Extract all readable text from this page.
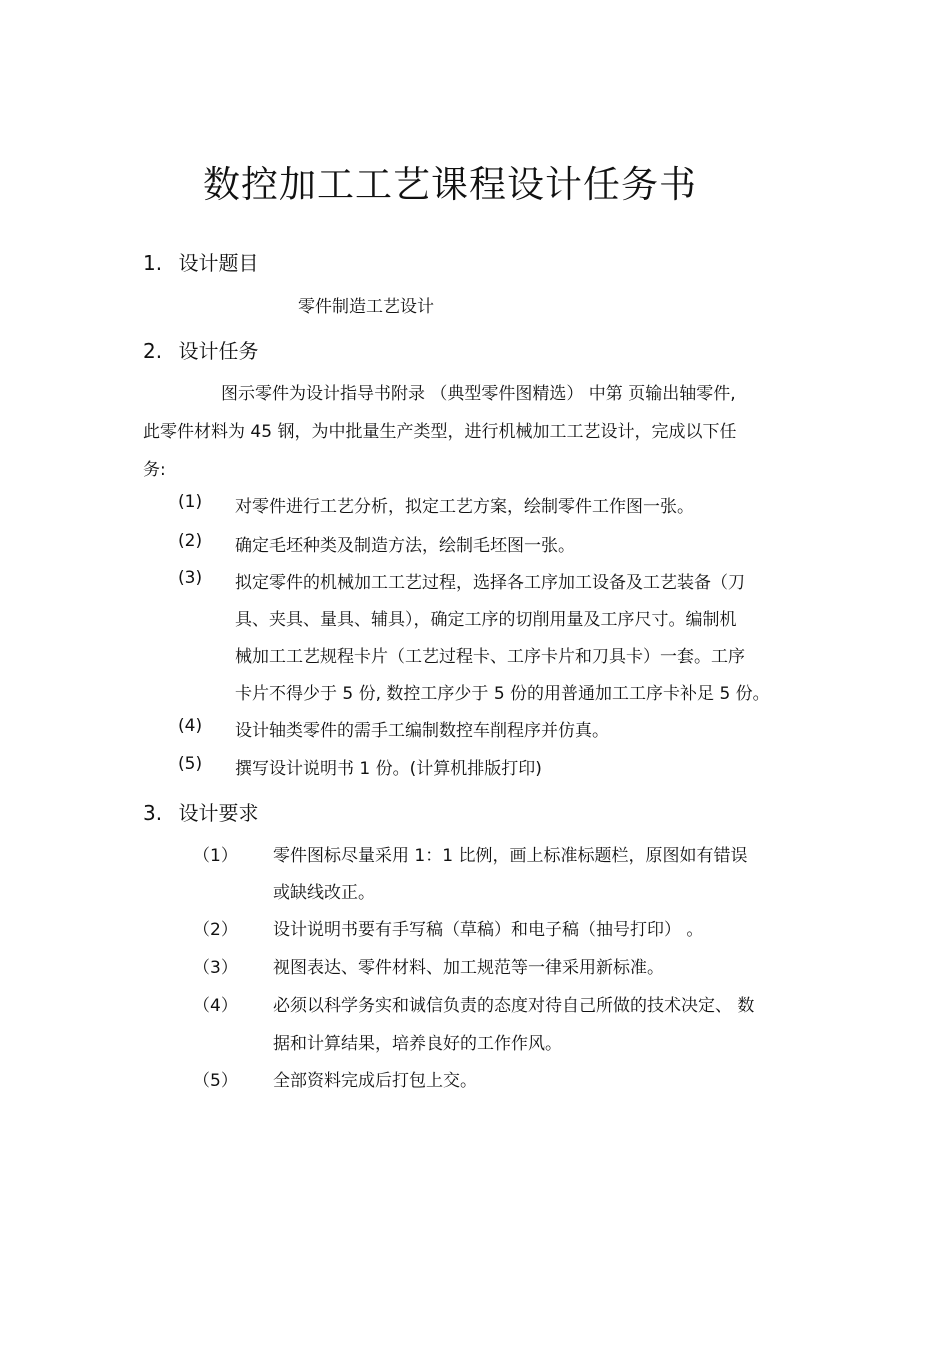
数控加工工艺课程设计任务书
1. 设计题目
零件制造工艺设计
2. 设计任务
图示零件为设计指导书附录 （典型零件图精选） 中第 页输出轴零件,
此零件材料为 45 钢，为中批量生产类型，进行机械加工工艺设计，完成以下任
务:
(1) 对零件进行工艺分析，拟定工艺方案，绘制零件工作图一张。
(2) 确定毛坯种类及制造方法，绘制毛坯图一张。
(3) 拟定零件的机械加工工艺过程，选择各工序加工设备及工艺装备（刀
具、夹具、量具、辅具），确定工序的切削用量及工序尺寸。编制机
械加工工艺规程卡片（工艺过程卡、工序卡片和刀具卡）一套。工序
卡片不得少于 5 份, 数控工序少于 5 份的用普通加工工序卡补足 5 份。
(4) 设计轴类零件的需手工编制数控车削程序并仿真。
(5) 撰写设计说明书 1 份。(计算机排版打印)
3. 设计要求
（1） 零件图标尽量采用 1：1 比例，画上标准标题栏，原图如有错误
或缺线改正。
（2） 设计说明书要有手写稿（草稿）和电子稿（抽号打印） 。
（3） 视图表达、零件材料、加工规范等一律采用新标准。
（4） 必须以科学务实和诚信负责的态度对待自己所做的技术决定、 数
据和计算结果，培养良好的工作作风。
（5） 全部资料完成后打包上交。
